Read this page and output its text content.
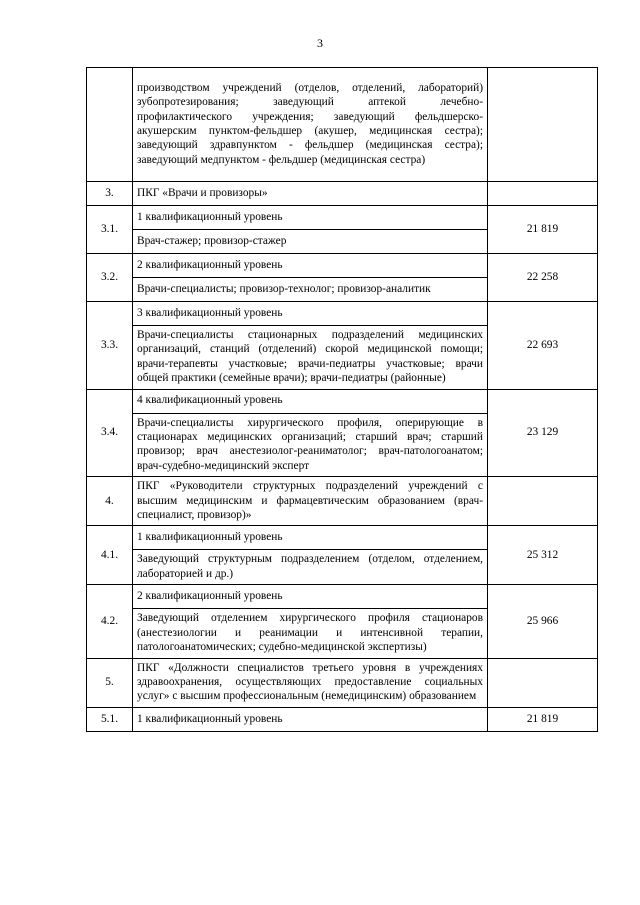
3
	производством учреждений (отделов, отделений, лабораторий) зубопротезирования; заведующий аптекой лечебно-профилактического учреждения; заведующий фельдшерско-акушерским пунктом-фельдшер (акушер, медицинская сестра); заведующий здравпунктом - фельдшер (медицинская сестра); заведующий медпунктом - фельдшер (медицинская сестра)	
3.	ПКГ «Врачи и провизоры»	
3.1.	1 квалификационный уровень	21 819
	Врач-стажер; провизор-стажер	
3.2.	2 квалификационный уровень	22 258
	Врачи-специалисты; провизор-технолог; провизор-аналитик	
3.3.	3 квалификационный уровень	22 693
	Врачи-специалисты стационарных подразделений медицинских организаций, станций (отделений) скорой медицинской помощи; врачи-терапевты участковые; врачи-педиатры участковые; врачи общей практики (семейные врачи); врачи-педиатры (районные)	
3.4.	4 квалификационный уровень	23 129
	Врачи-специалисты хирургического профиля, оперирующие в стационарах медицинских организаций; старший врач; старший провизор; врач анестезиолог-реаниматолог; врач-патологоанатом; врач-судебно-медицинский эксперт	
4.	ПКГ «Руководители структурных подразделений учреждений с высшим медицинским и фармацевтическим образованием (врач-специалист, провизор)»	
4.1.	1 квалификационный уровень	25 312
	Заведующий структурным подразделением (отделом, отделением, лабораторией и др.)	
4.2.	2 квалификационный уровень	25 966
	Заведующий отделением хирургического профиля стационаров (анестезиологии и реанимации и интенсивной терапии, патологоанатомических; судебно-медицинской экспертизы)	
5.	ПКГ «Должности специалистов третьего уровня в учреждениях здравоохранения, осуществляющих предоставление социальных услуг» с высшим профессиональным (немедицинским) образованием	
5.1.	1 квалификационный уровень	21 819
